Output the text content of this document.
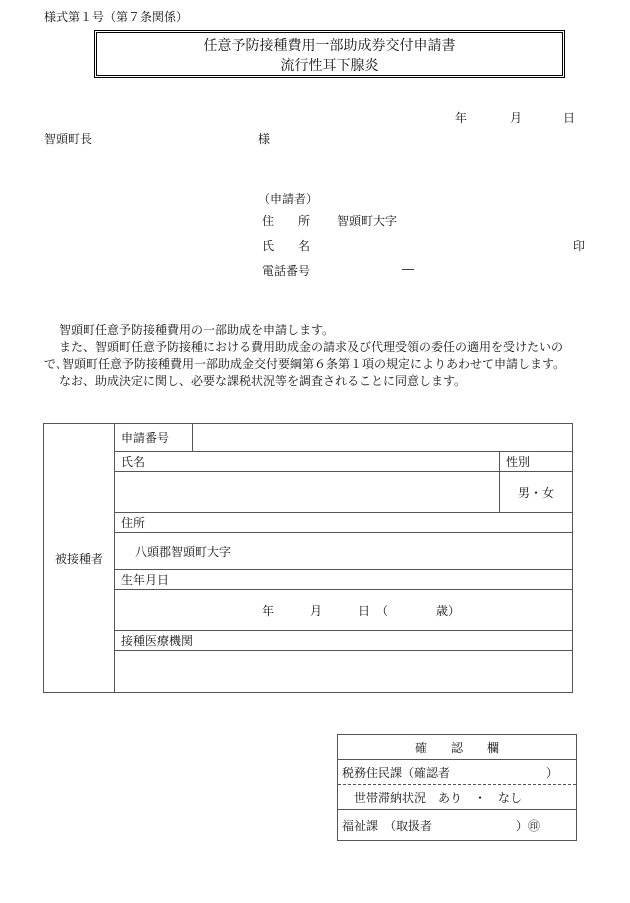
様式第１号（第７条関係）
任意予防接種費用一部助成券交付申請書
流行性耳下腺炎
年	月	日
智頭町長	様
（申請者）
住　　所 智頭町大字
氏　　名	印
電話番号	―
智頭町任意予防接種費用の一部助成を申請します。
また、智頭町任意予防接種における費用助成金の請求及び代理受領の委任の適用を受けたいの
で､智頭町任意予防接種費用一部助成金交付要綱第６条第１項の規定によりあわせて申請します。
なお、助成決定に関し、必要な課税状況等を調査されることに同意します。
被接種者	申請番号		
	氏名		性別
			男・女
	住所		
	八頭郡智頭町大字		
	生年月日		
	年　　　月　　　日　（　　　　歳）		
	接種医療機関		

確　　認　　欄
税務住民課（確認者　　　　　　　　）
世帯滞納状況　あり　・　なし
福祉課　（取扱者　　　　　　　）㊞
